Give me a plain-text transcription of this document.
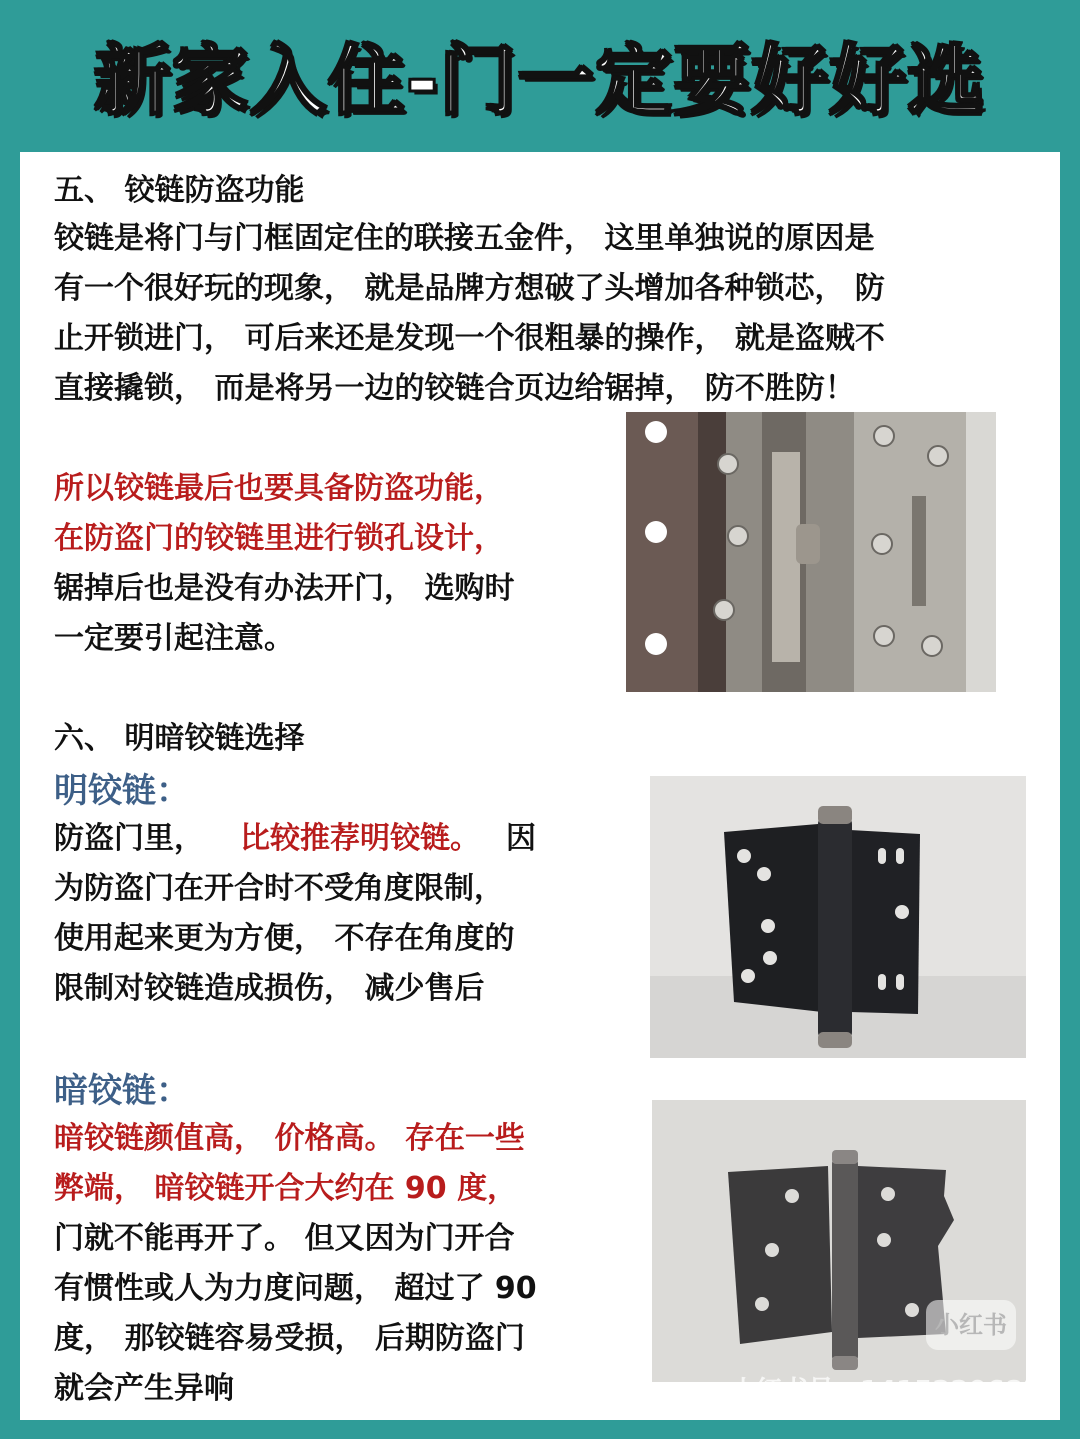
新家入住-门一定要好好选
五、 铰链防盗功能
铰链是将门与门框固定住的联接五金件， 这里单独说的原因是
有一个很好玩的现象， 就是品牌方想破了头增加各种锁芯， 防
止开锁进门， 可后来还是发现一个很粗暴的操作， 就是盗贼不
直接撬锁， 而是将另一边的铰链合页边给锯掉， 防不胜防！
所以铰链最后也要具备防盗功能，
在防盗门的铰链里进行锁孔设计，
锯掉后也是没有办法开门， 选购时
一定要引起注意。
六、 明暗铰链选择
明铰链：
防盗门里， 比较推荐明铰链。 因
为防盗门在开合时不受角度限制，
使用起来更为方便， 不存在角度的
限制对铰链造成损伤， 减少售后
暗铰链：
暗铰链颜值高， 价格高。 存在一些
弊端， 暗铰链开合大约在 90 度，
门就不能再开了。 但又因为门开合
有惯性或人为力度问题， 超过了 90
度， 那铰链容易受损， 后期防盗门
就会产生异响
小红书
小红书号：1415220682
